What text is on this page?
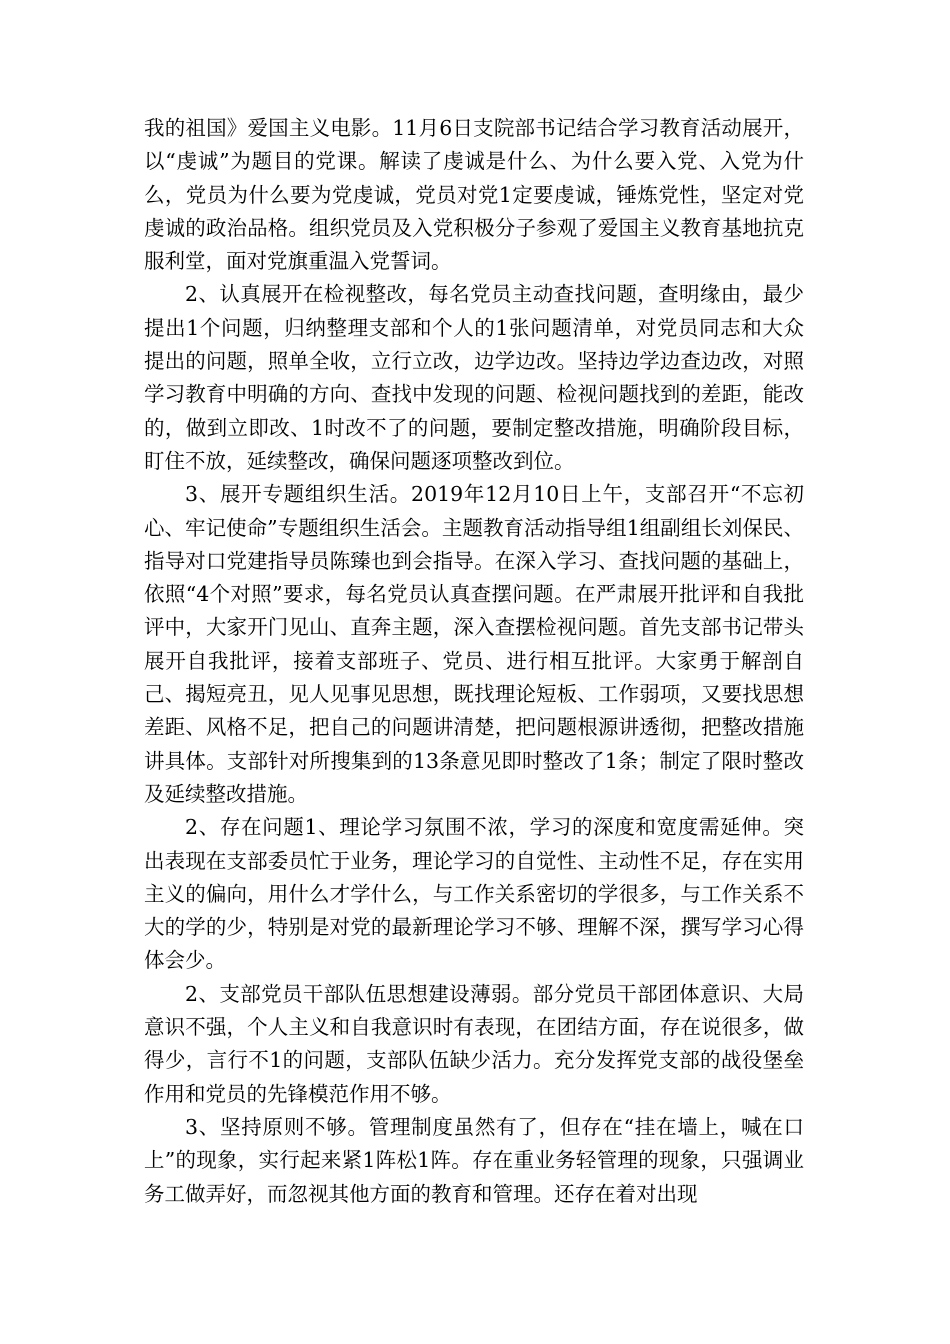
我的祖国》爱国主义电影。11月6日支院部书记结合学习教育活动展开，以“虔诚”为题目的党课。解读了虔诚是什么、为什么要入党、入党为什么，党员为什么要为党虔诚，党员对党1定要虔诚，锤炼党性，坚定对党虔诚的政治品格。组织党员及入党积极分子参观了爱国主义教育基地抗克服利堂，面对党旗重温入党誓词。

2、认真展开在检视整改，每名党员主动查找问题，查明缘由，最少提出1个问题，归纳整理支部和个人的1张问题清单，对党员同志和大众提出的问题，照单全收，立行立改，边学边改。坚持边学边查边改，对照学习教育中明确的方向、查找中发现的问题、检视问题找到的差距，能改的，做到立即改、1时改不了的问题，要制定整改措施，明确阶段目标，盯住不放，延续整改，确保问题逐项整改到位。

3、展开专题组织生活。2019年12月10日上午，支部召开“不忘初心、牢记使命”专题组织生活会。主题教育活动指导组1组副组长刘保民、指导对口党建指导员陈臻也到会指导。在深入学习、查找问题的基础上，依照“4个对照”要求，每名党员认真查摆问题。在严肃展开批评和自我批评中，大家开门见山、直奔主题，深入查摆检视问题。首先支部书记带头展开自我批评，接着支部班子、党员、进行相互批评。大家勇于解剖自己、揭短亮丑，见人见事见思想，既找理论短板、工作弱项，又要找思想差距、风格不足，把自己的问题讲清楚，把问题根源讲透彻，把整改措施讲具体。支部针对所搜集到的13条意见即时整改了1条；制定了限时整改及延续整改措施。

2、存在问题1、理论学习氛围不浓，学习的深度和宽度需延伸。突出表现在支部委员忙于业务，理论学习的自觉性、主动性不足，存在实用主义的偏向，用什么才学什么，与工作关系密切的学很多，与工作关系不大的学的少，特别是对党的最新理论学习不够、理解不深，撰写学习心得体会少。

2、支部党员干部队伍思想建设薄弱。部分党员干部团体意识、大局意识不强，个人主义和自我意识时有表现，在团结方面，存在说很多，做得少，言行不1的问题，支部队伍缺少活力。充分发挥党支部的战役堡垒作用和党员的先锋模范作用不够。

3、坚持原则不够。管理制度虽然有了，但存在“挂在墙上，喊在口上”的现象，实行起来紧1阵松1阵。存在重业务轻管理的现象，只强调业务工做弄好，而忽视其他方面的教育和管理。还存在着对出现
